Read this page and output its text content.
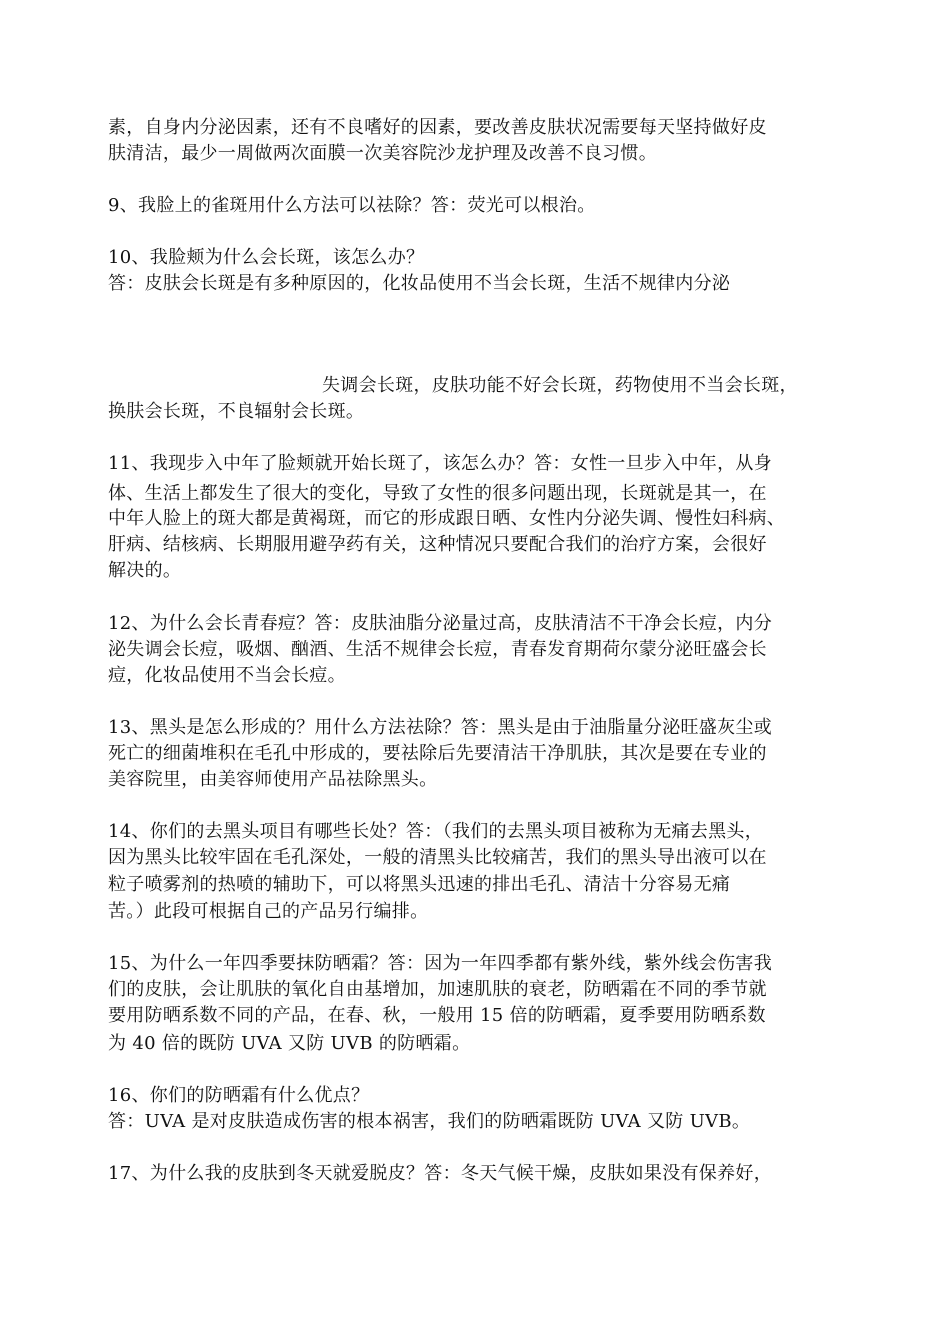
素，自身内分泌因素，还有不良嗜好的因素，要改善皮肤状况需要每天坚持做好皮
肤清洁，最少一周做两次面膜一次美容院沙龙护理及改善不良习惯。
9、我脸上的雀斑用什么方法可以祛除？答：荧光可以根治。
10、我脸颊为什么会长斑，该怎么办？
答：皮肤会长斑是有多种原因的，化妆品使用不当会长斑，生活不规律内分泌
失调会长斑，皮肤功能不好会长斑，药物使用不当会长斑，
换肤会长斑，不良辐射会长斑。
11、我现步入中年了脸颊就开始长斑了，该怎么办？答：女性一旦步入中年，从身
体、生活上都发生了很大的变化，导致了女性的很多问题出现，长斑就是其一，在
中年人脸上的斑大都是黄褐斑，而它的形成跟日晒、女性内分泌失调、慢性妇科病、
肝病、结核病、长期服用避孕药有关，这种情况只要配合我们的治疗方案，会很好
解决的。
12、为什么会长青春痘？答：皮肤油脂分泌量过高，皮肤清洁不干净会长痘，内分
泌失调会长痘，吸烟、酗酒、生活不规律会长痘，青春发育期荷尔蒙分泌旺盛会长
痘，化妆品使用不当会长痘。
13、黑头是怎么形成的？用什么方法祛除？答：黑头是由于油脂量分泌旺盛灰尘或
死亡的细菌堆积在毛孔中形成的，要祛除后先要清洁干净肌肤，其次是要在专业的
美容院里，由美容师使用产品祛除黑头。
14、你们的去黑头项目有哪些长处？答：（我们的去黑头项目被称为无痛去黑头，
因为黑头比较牢固在毛孔深处，一般的清黑头比较痛苦，我们的黑头导出液可以在
粒子喷雾剂的热喷的辅助下，可以将黑头迅速的排出毛孔、清洁十分容易无痛
苦。）此段可根据自己的产品另行编排。
15、为什么一年四季要抹防晒霜？答：因为一年四季都有紫外线，紫外线会伤害我
们的皮肤，会让肌肤的氧化自由基增加，加速肌肤的衰老，防晒霜在不同的季节就
要用防晒系数不同的产品，在春、秋，一般用 15 倍的防晒霜，夏季要用防晒系数
为 40 倍的既防 UVA 又防 UVB 的防晒霜。
16、你们的防晒霜有什么优点？
答：UVA 是对皮肤造成伤害的根本祸害，我们的防晒霜既防 UVA 又防 UVB。
17、为什么我的皮肤到冬天就爱脱皮？答：冬天气候干燥，皮肤如果没有保养好，
